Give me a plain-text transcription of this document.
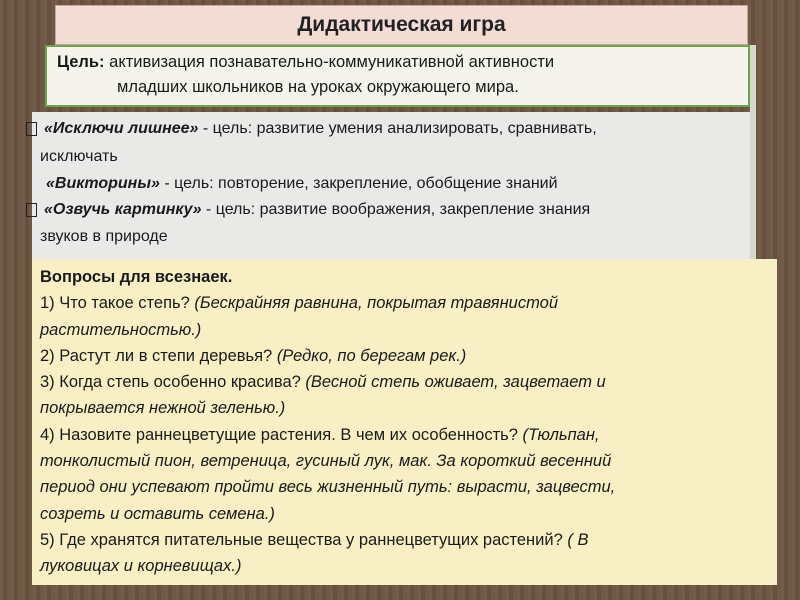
Дидактическая игра
Цель: активизация познавательно-коммуникативной активности
младших школьников на уроках окружающего мира.
«Исключи лишнее» - цель: развитие умения анализировать, сравнивать,
исключать
«Викторины» - цель: повторение, закрепление, обобщение знаний
«Озвучь картинку» - цель: развитие воображения, закрепление знания
звуков в природе
Вопросы для всезнаек.
1) Что такое степь? (Бескрайняя равнина, покрытая травянистой
растительностью.)
2) Растут ли в степи деревья? (Редко, по берегам рек.)
3) Когда степь особенно красива? (Весной степь оживает, зацветает и
покрывается нежной зеленью.)
4) Назовите раннецветущие растения. В чем их особенность? (Тюльпан,
тонколистый пион, ветреница, гусиный лук, мак. За короткий весенний
период они успевают пройти весь жизненный путь: вырасти, зацвести,
созреть и оставить семена.)
5) Где хранятся питательные вещества у раннецветущих растений? ( В
луковицах и корневищах.)
